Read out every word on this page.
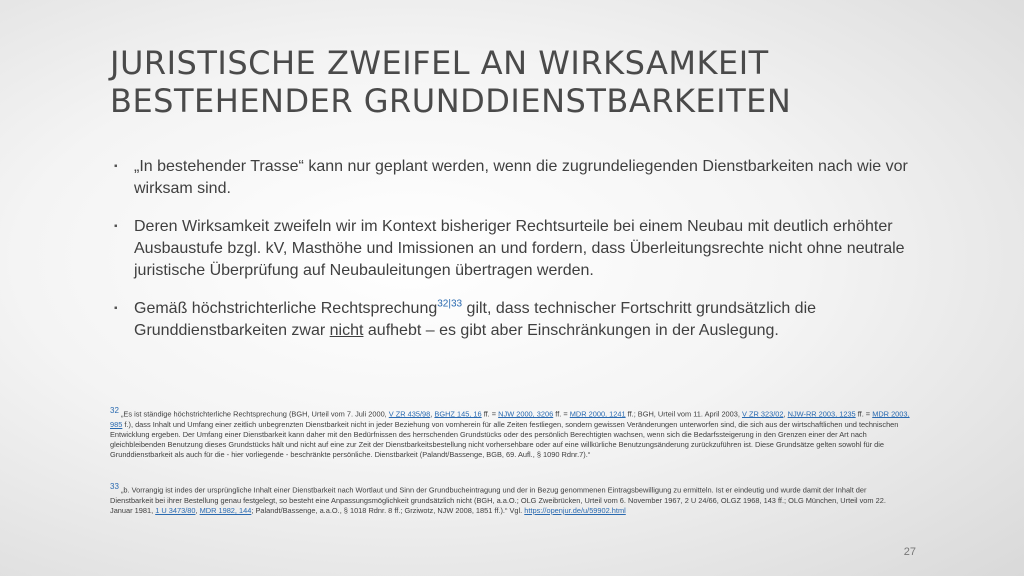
JURISTISCHE ZWEIFEL AN WIRKSAMKEIT
BESTEHENDER GRUNDDIENSTBARKEITEN
▪ „In bestehender Trasse“ kann nur geplant werden, wenn die zugrundeliegenden Dienstbarkeiten nach wie vor wirksam sind.
▪ Deren Wirksamkeit zweifeln wir im Kontext bisheriger Rechtsurteile bei einem Neubau mit deutlich erhöhter Ausbaustufe bzgl. kV, Masthöhe und Imissionen an und fordern, dass Überleitungsrechte nicht ohne neutrale juristische Überprüfung auf Neubauleitungen übertragen werden.
▪ Gemäß höchstrichterliche Rechtsprechung$^{32|33}$ gilt, dass technischer Fortschritt grundsätzlich die Grunddienstbarkeiten zwar nicht aufhebt – es gibt aber Einschränkungen in der Auslegung.
$^{32}$ „Es ist ständige höchstrichterliche Rechtsprechung (BGH, Urteil vom 7. Juli 2000, V ZR 435/98, BGHZ 145, 16 ff. = NJW 2000, 3206 ff. = MDR 2000, 1241 ff.; BGH, Urteil vom 11. April 2003, V ZR 323/02, NJW-RR 2003, 1235 ff. = MDR 2003, 985 f.), dass Inhalt und Umfang einer zeitlich unbegrenzten Dienstbarkeit nicht in jeder Beziehung von vornherein für alle Zeiten festliegen, sondern gewissen Veränderungen unterworfen sind, die sich aus der wirtschaftlichen und technischen Entwicklung ergeben. Der Umfang einer Dienstbarkeit kann daher mit den Bedürfnissen des herrschenden Grundstücks oder des persönlich Berechtigten wachsen, wenn sich die Bedarfssteigerung in den Grenzen einer der Art nach gleichbleibenden Benutzung dieses Grundstücks hält und nicht auf eine zur Zeit der Dienstbarkeitsbestellung nicht vorhersehbare oder auf eine willkürliche Benutzungsänderung zurückzuführen ist. Diese Grundsätze gelten sowohl für die Grunddienstbarkeit als auch für die - hier vorliegende - beschränkte persönliche. Dienstbarkeit (Palandt/Bassenge, BGB, 69. Aufl., § 1090 Rdnr.7).“
$^{33}$ „b. Vorrangig ist indes der ursprüngliche Inhalt einer Dienstbarkeit nach Wortlaut und Sinn der Grundbucheintragung und der in Bezug genommenen Eintragsbewilligung zu ermitteln. Ist er eindeutig und wurde damit der Inhalt der Dienstbarkeit bei ihrer Bestellung genau festgelegt, so besteht eine Anpassungsmöglichkeit grundsätzlich nicht (BGH, a.a.O.; OLG Zweibrücken, Urteil vom 6. November 1967, 2 U 24/66, OLGZ 1968, 143 ff.; OLG München, Urteil vom 22. Januar 1981, 1 U 3473/80, MDR 1982, 144; Palandt/Bassenge, a.a.O., § 1018 Rdnr. 8 ff.; Grziwotz, NJW 2008, 1851 ff.).“ Vgl. https://openjur.de/u/59902.html
27
